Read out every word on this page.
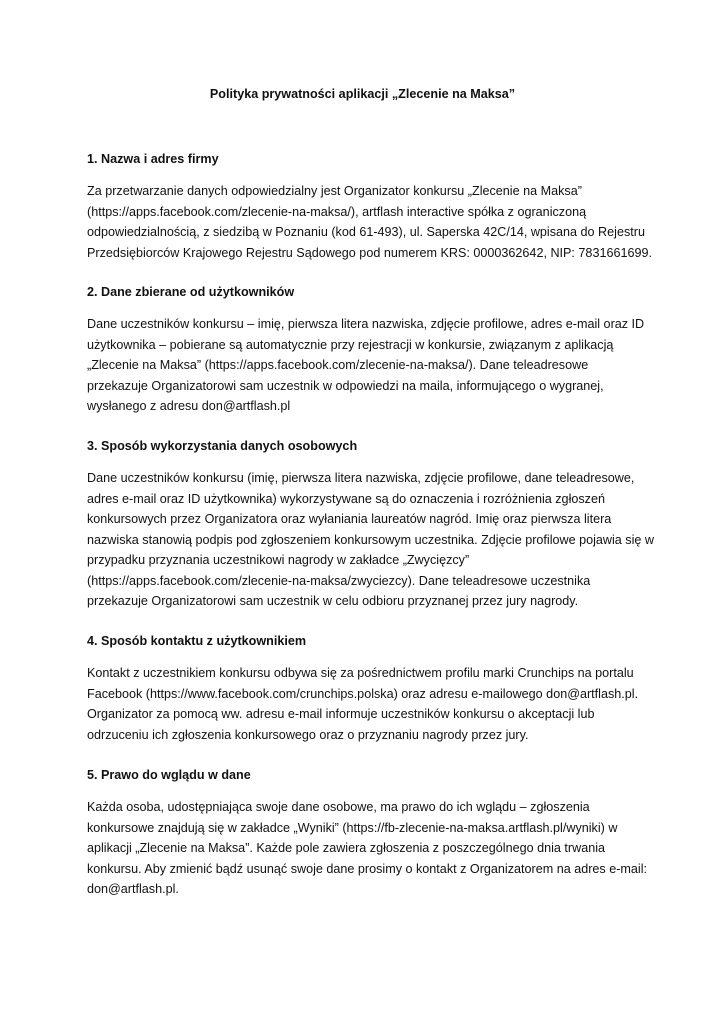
Polityka prywatności aplikacji „Zlecenie na Maksa”
1. Nazwa i adres firmy
Za przetwarzanie danych odpowiedzialny jest Organizator konkursu „Zlecenie na Maksa”
(https://apps.facebook.com/zlecenie-na-maksa/), artflash interactive spółka z ograniczoną
odpowiedzialnością, z siedzibą w Poznaniu (kod 61-493), ul. Saperska 42C/14, wpisana do Rejestru
Przedsiębiorców Krajowego Rejestru Sądowego pod numerem KRS: 0000362642, NIP: 7831661699.
2. Dane zbierane od użytkowników
Dane uczestników konkursu – imię, pierwsza litera nazwiska, zdjęcie profilowe, adres e-mail oraz ID
użytkownika – pobierane są automatycznie przy rejestracji w konkursie, związanym z aplikacją
„Zlecenie na Maksa” (https://apps.facebook.com/zlecenie-na-maksa/). Dane teleadresowe
przekazuje Organizatorowi sam uczestnik w odpowiedzi na maila, informującego o wygranej,
wysłanego z adresu don@artflash.pl
3. Sposób wykorzystania danych osobowych
Dane uczestników konkursu (imię, pierwsza litera nazwiska, zdjęcie profilowe, dane teleadresowe,
adres e-mail oraz ID użytkownika) wykorzystywane są do oznaczenia i rozróżnienia zgłoszeń
konkursowych przez Organizatora oraz wyłaniania laureatów nagród. Imię oraz pierwsza litera
nazwiska stanowią podpis pod zgłoszeniem konkursowym uczestnika. Zdjęcie profilowe pojawia się w
przypadku przyznania uczestnikowi nagrody w zakładce „Zwycięzcy”
(https://apps.facebook.com/zlecenie-na-maksa/zwyciezcy). Dane teleadresowe uczestnika
przekazuje Organizatorowi sam uczestnik w celu odbioru przyznanej przez jury nagrody.
4. Sposób kontaktu z użytkownikiem
Kontakt z uczestnikiem konkursu odbywa się za pośrednictwem profilu marki Crunchips na portalu
Facebook (https://www.facebook.com/crunchips.polska) oraz adresu e-mailowego don@artflash.pl.
Organizator za pomocą ww. adresu e-mail informuje uczestników konkursu o akceptacji lub
odrzuceniu ich zgłoszenia konkursowego oraz o przyznaniu nagrody przez jury.
5. Prawo do wglądu w dane
Każda osoba, udostępniająca swoje dane osobowe, ma prawo do ich wglądu – zgłoszenia
konkursowe znajdują się w zakładce „Wyniki” (https://fb-zlecenie-na-maksa.artflash.pl/wyniki) w
aplikacji „Zlecenie na Maksa”. Każde pole zawiera zgłoszenia z poszczególnego dnia trwania
konkursu. Aby zmienić bądź usunąć swoje dane prosimy o kontakt z Organizatorem na adres e-mail:
don@artflash.pl.
